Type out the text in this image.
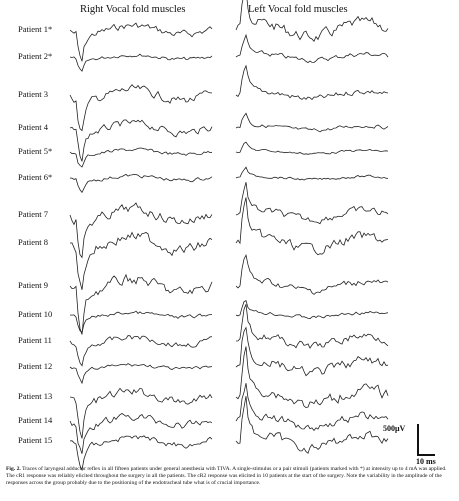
Right Vocal fold muscles	Left Vocal fold muscles
Patient 1*
Patient 2*
Patient 3
Patient 4
Patient 5*
Patient 6*
Patient 7
Patient 8
Patient 9
Patient 10
Patient 11
Patient 12
Patient 13
Patient 14
Patient 15
500μV
10 ms
Fig. 2. Traces of laryngeal adductor reflex in all fifteen patients under general anesthesia with TIVA. A single-stimulus or a pair stimuli (patients marked with *) at intensity up to 4 mA was applied. The cR1 response was reliably elicited throughout the surgery in all the patients. The cR2 response was elicited in 10 patients at the start of the surgery. Note the variability in the amplitude of the responses across the group probably due to the positioning of the endotracheal tube what is of crucial importance.
